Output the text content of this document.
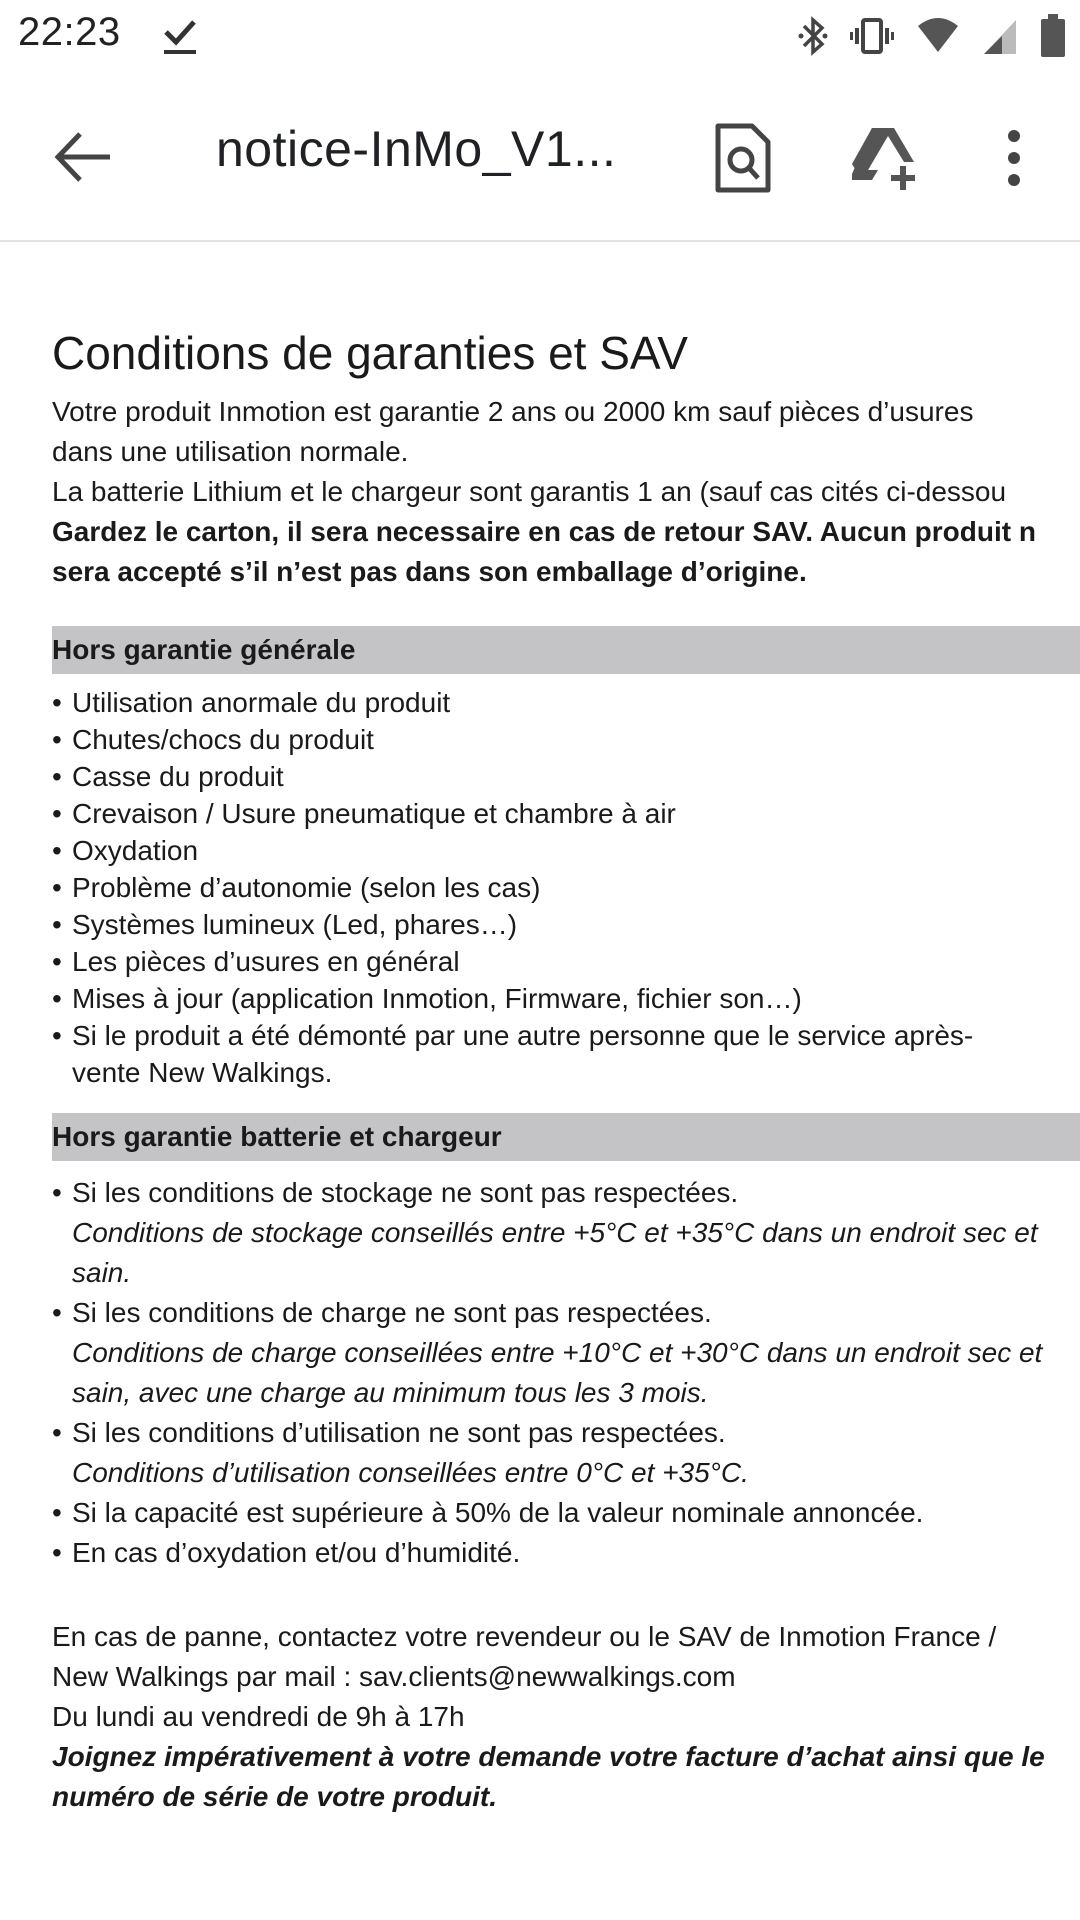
22:23
notice-InMo_V1...
Conditions de garanties et SAV
Votre produit Inmotion est garantie 2 ans ou 2000 km sauf pièces d’usures
dans une utilisation normale.
La batterie Lithium et le chargeur sont garantis 1 an (sauf cas cités ci-dessou
Gardez le carton, il sera necessaire en cas de retour SAV. Aucun produit n
sera accepté s’il n’est pas dans son emballage d’origine.
Hors garantie générale
• Utilisation anormale du produit
• Chutes/chocs du produit
• Casse du produit
• Crevaison / Usure pneumatique et chambre à air
• Oxydation
• Problème d’autonomie (selon les cas)
• Systèmes lumineux (Led, phares…)
• Les pièces d’usures en général
• Mises à jour (application Inmotion, Firmware, fichier son…)
• Si le produit a été démonté par une autre personne que le service après-
vente New Walkings.
Hors garantie batterie et chargeur
• Si les conditions de stockage ne sont pas respectées.
Conditions de stockage conseillés entre +5°C et +35°C dans un endroit sec et
sain.
• Si les conditions de charge ne sont pas respectées.
Conditions de charge conseillées entre +10°C et +30°C dans un endroit sec et
sain, avec une charge au minimum tous les 3 mois.
• Si les conditions d’utilisation ne sont pas respectées.
Conditions d’utilisation conseillées entre 0°C et +35°C.
• Si la capacité est supérieure à 50% de la valeur nominale annoncée.
• En cas d’oxydation et/ou d’humidité.
En cas de panne, contactez votre revendeur ou le SAV de Inmotion France /
New Walkings par mail : sav.clients@newwalkings.com
Du lundi au vendredi de 9h à 17h
Joignez impérativement à votre demande votre facture d’achat ainsi que le
numéro de série de votre produit.
